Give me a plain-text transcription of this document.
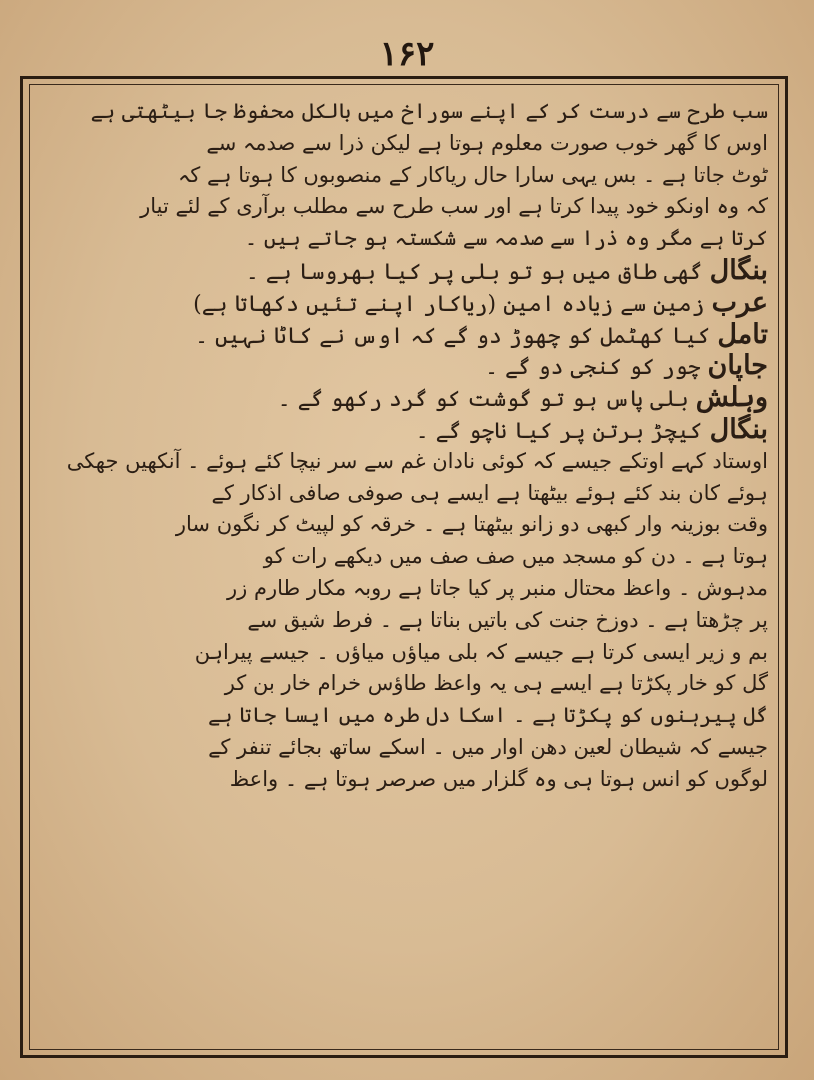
۱۶۲
سب طرح سے درست کر کے اپنے سوراخ میں بالکل محفوظ جا بیٹھتی ہے
اوس کا گھر خوب صورت معلوم ہوتا ہے لیکن ذرا سے صدمہ سے
ٹوٹ جاتا ہے ۔ بس یہی سارا حال ریاکار کے منصوبوں کا ہوتا ہے کہ
کہ وہ اونکو خود پیدا کرتا ہے اور سب طرح سے مطلب برآری کے لئے تیار
کرتا ہے مگر وہ ذرا سے صدمہ سے شکستہ ہو جاتے ہیں ۔
بنگال گھی طاق میں ہو تو بلی پر کیا بھروسا ہے ۔
عرب زمین سے زیادہ امین (ریاکار اپنے تئیں دکھاتا ہے)
تامل کیا کھٹمل کو چھوڑ دو گے کہ اوس نے کاٹا نہیں ۔
جاپان چور کو کنجی دو گے ۔
وہلش بلی پاس ہو تو گوشت کو گرد رکھو گے ۔
بنگال کیچڑ برتن پر کیا ناچو گے ۔
اوستاد کہے اوتکے جیسے کہ کوئی نادان غم سے سر نیچا کئے ہوئے ۔ آنکھیں جھکی
ہوئے کان بند کئے ہوئے بیٹھتا ہے ایسے ہی صوفی صافی اذکار کے
وقت بوزینہ وار کبھی دو زانو بیٹھتا ہے ۔ خرقہ کو لپیٹ کر نگون سار
ہوتا ہے ۔ دن کو مسجد میں صف صف میں دیکھے رات کو
مدہوش ۔ واعظ محتال منبر پر کیا جاتا ہے روبہ مکار طارم زر
پر چڑھتا ہے ۔ دوزخ جنت کی باتیں بناتا ہے ۔ فرط شیق سے
بم و زیر ایسی کرتا ہے جیسے کہ بلی میاؤں میاؤں ۔ جیسے پیراہن
گل کو خار پکڑتا ہے ایسے ہی یہ واعظ طاؤس خرام خار بن کر
گل پیرہنوں کو پکڑتا ہے ۔ اسکا دل طرہ میں ایسا جاتا ہے
جیسے کہ شیطان لعین دھن اوار میں ۔ اسکے ساتھ بجائے تنفر کے
لوگوں کو انس ہوتا ہی وہ گلزار میں صرصر ہوتا ہے ۔ واعظ
